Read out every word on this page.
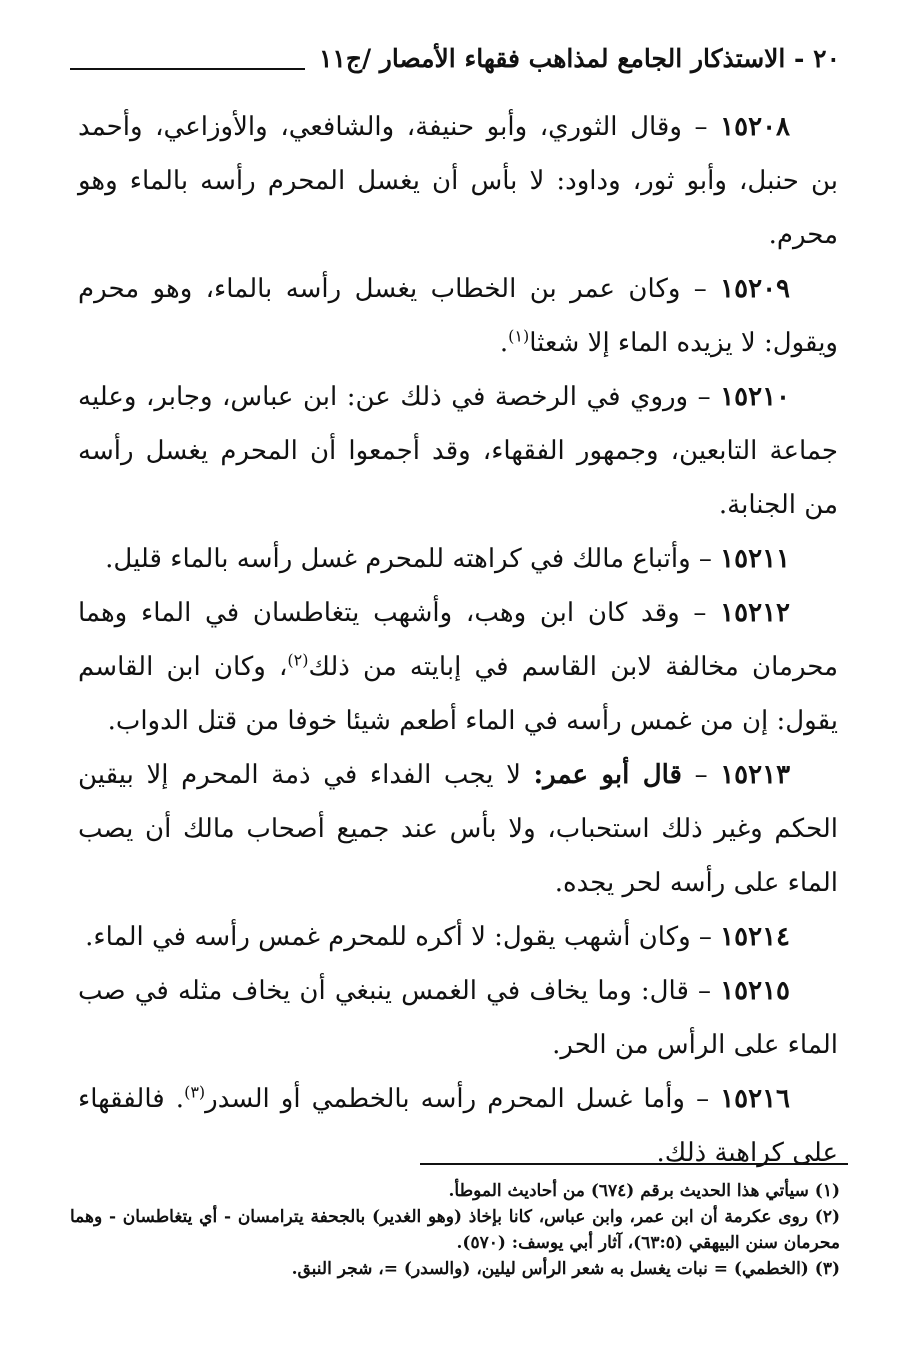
٢٠ - الاستذكار الجامع لمذاهب فقهاء الأمصار /ج١١

١٥٢٠٨ – وقال الثوري، وأبو حنيفة، والشافعي، والأوزاعي، وأحمد بن حنبل، وأبو ثور، وداود: لا بأس أن يغسل المحرم رأسه بالماء وهو محرم.

١٥٢٠٩ – وكان عمر بن الخطاب يغسل رأسه بالماء، وهو محرم ويقول: لا يزيده الماء إلا شعثا$^{(١)}$.

١٥٢١٠ – وروي في الرخصة في ذلك عن: ابن عباس، وجابر، وعليه جماعة التابعين، وجمهور الفقهاء، وقد أجمعوا أن المحرم يغسل رأسه من الجنابة.

١٥٢١١ – وأتباع مالك في كراهته للمحرم غسل رأسه بالماء قليل.

١٥٢١٢ – وقد كان ابن وهب، وأشهب يتغاطسان في الماء وهما محرمان مخالفة لابن القاسم في إبايته من ذلك$^{(٢)}$، وكان ابن القاسم يقول: إن من غمس رأسه في الماء أطعم شيئا خوفا من قتل الدواب.

١٥٢١٣ – قال أبو عمر: لا يجب الفداء في ذمة المحرم إلا بيقين الحكم وغير ذلك استحباب، ولا بأس عند جميع أصحاب مالك أن يصب الماء على رأسه لحر يجده.

١٥٢١٤ – وكان أشهب يقول: لا أكره للمحرم غمس رأسه في الماء.

١٥٢١٥ – قال: وما يخاف في الغمس ينبغي أن يخاف مثله في صب الماء على الرأس من الحر.

١٥٢١٦ – وأما غسل المحرم رأسه بالخطمي أو السدر$^{(٣)}$. فالفقهاء على كراهية ذلك.

(١) سيأتي هذا الحديث برقم (٦٧٤) من أحاديث الموطأ.

(٢) روى عكرمة أن ابن عمر، وابن عباس، كانا بإخاذ (وهو الغدير) بالجحفة يترامسان - أي يتغاطسان - وهما محرمان سنن البيهقي (٦٣:٥)، آثار أبي يوسف: (٥٧٠).

(٣) (الخطمي) = نبات يغسل به شعر الرأس ليلين، (والسدر) =، شجر النبق.
